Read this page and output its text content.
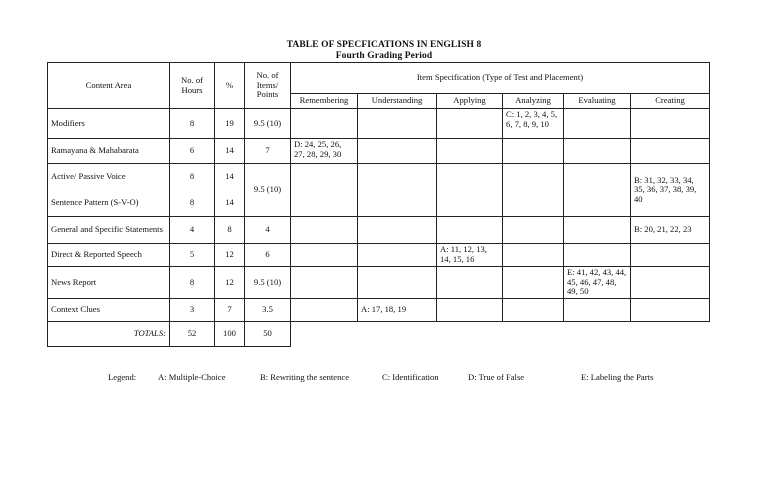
TABLE OF SPECFICATIONS IN ENGLISH 8
Fourth Grading Period
Content Area	No. of Hours	%	No. of Items/ Points	Item Specification (Type of Test and Placement)					
				Remembering	Understanding	Applying	Analyzing	Evaluating	Creating
Modifiers	8	19	9.5 (10)				C: 1, 2, 3, 4, 5, 6, 7, 8, 9, 10		
Ramayana & Mahabarata	6	14	7	D: 24, 25, 26, 27, 28, 29, 30					
Active/ Passive Voice	8	14	9.5 (10)						B: 31, 32, 33, 34, 35, 36, 37, 38, 39, 40
Sentence Pattern (S-V-O)	8	14							
General and Specific Statements	4	8	4						B: 20, 21, 22, 23
Direct & Reported Speech	5	12	6			A: 11, 12, 13, 14, 15, 16			
News Report	8	12	9.5 (10)					E: 41, 42, 43, 44, 45, 46, 47, 48, 49, 50	
Context Clues	3	7	3.5		A: 17, 18, 19				
TOTALS:	52	100	50						
Legend:	A: Multiple-Choice	B: Rewriting the sentence	C: Identification	D: True of False	E: Labeling the Parts
